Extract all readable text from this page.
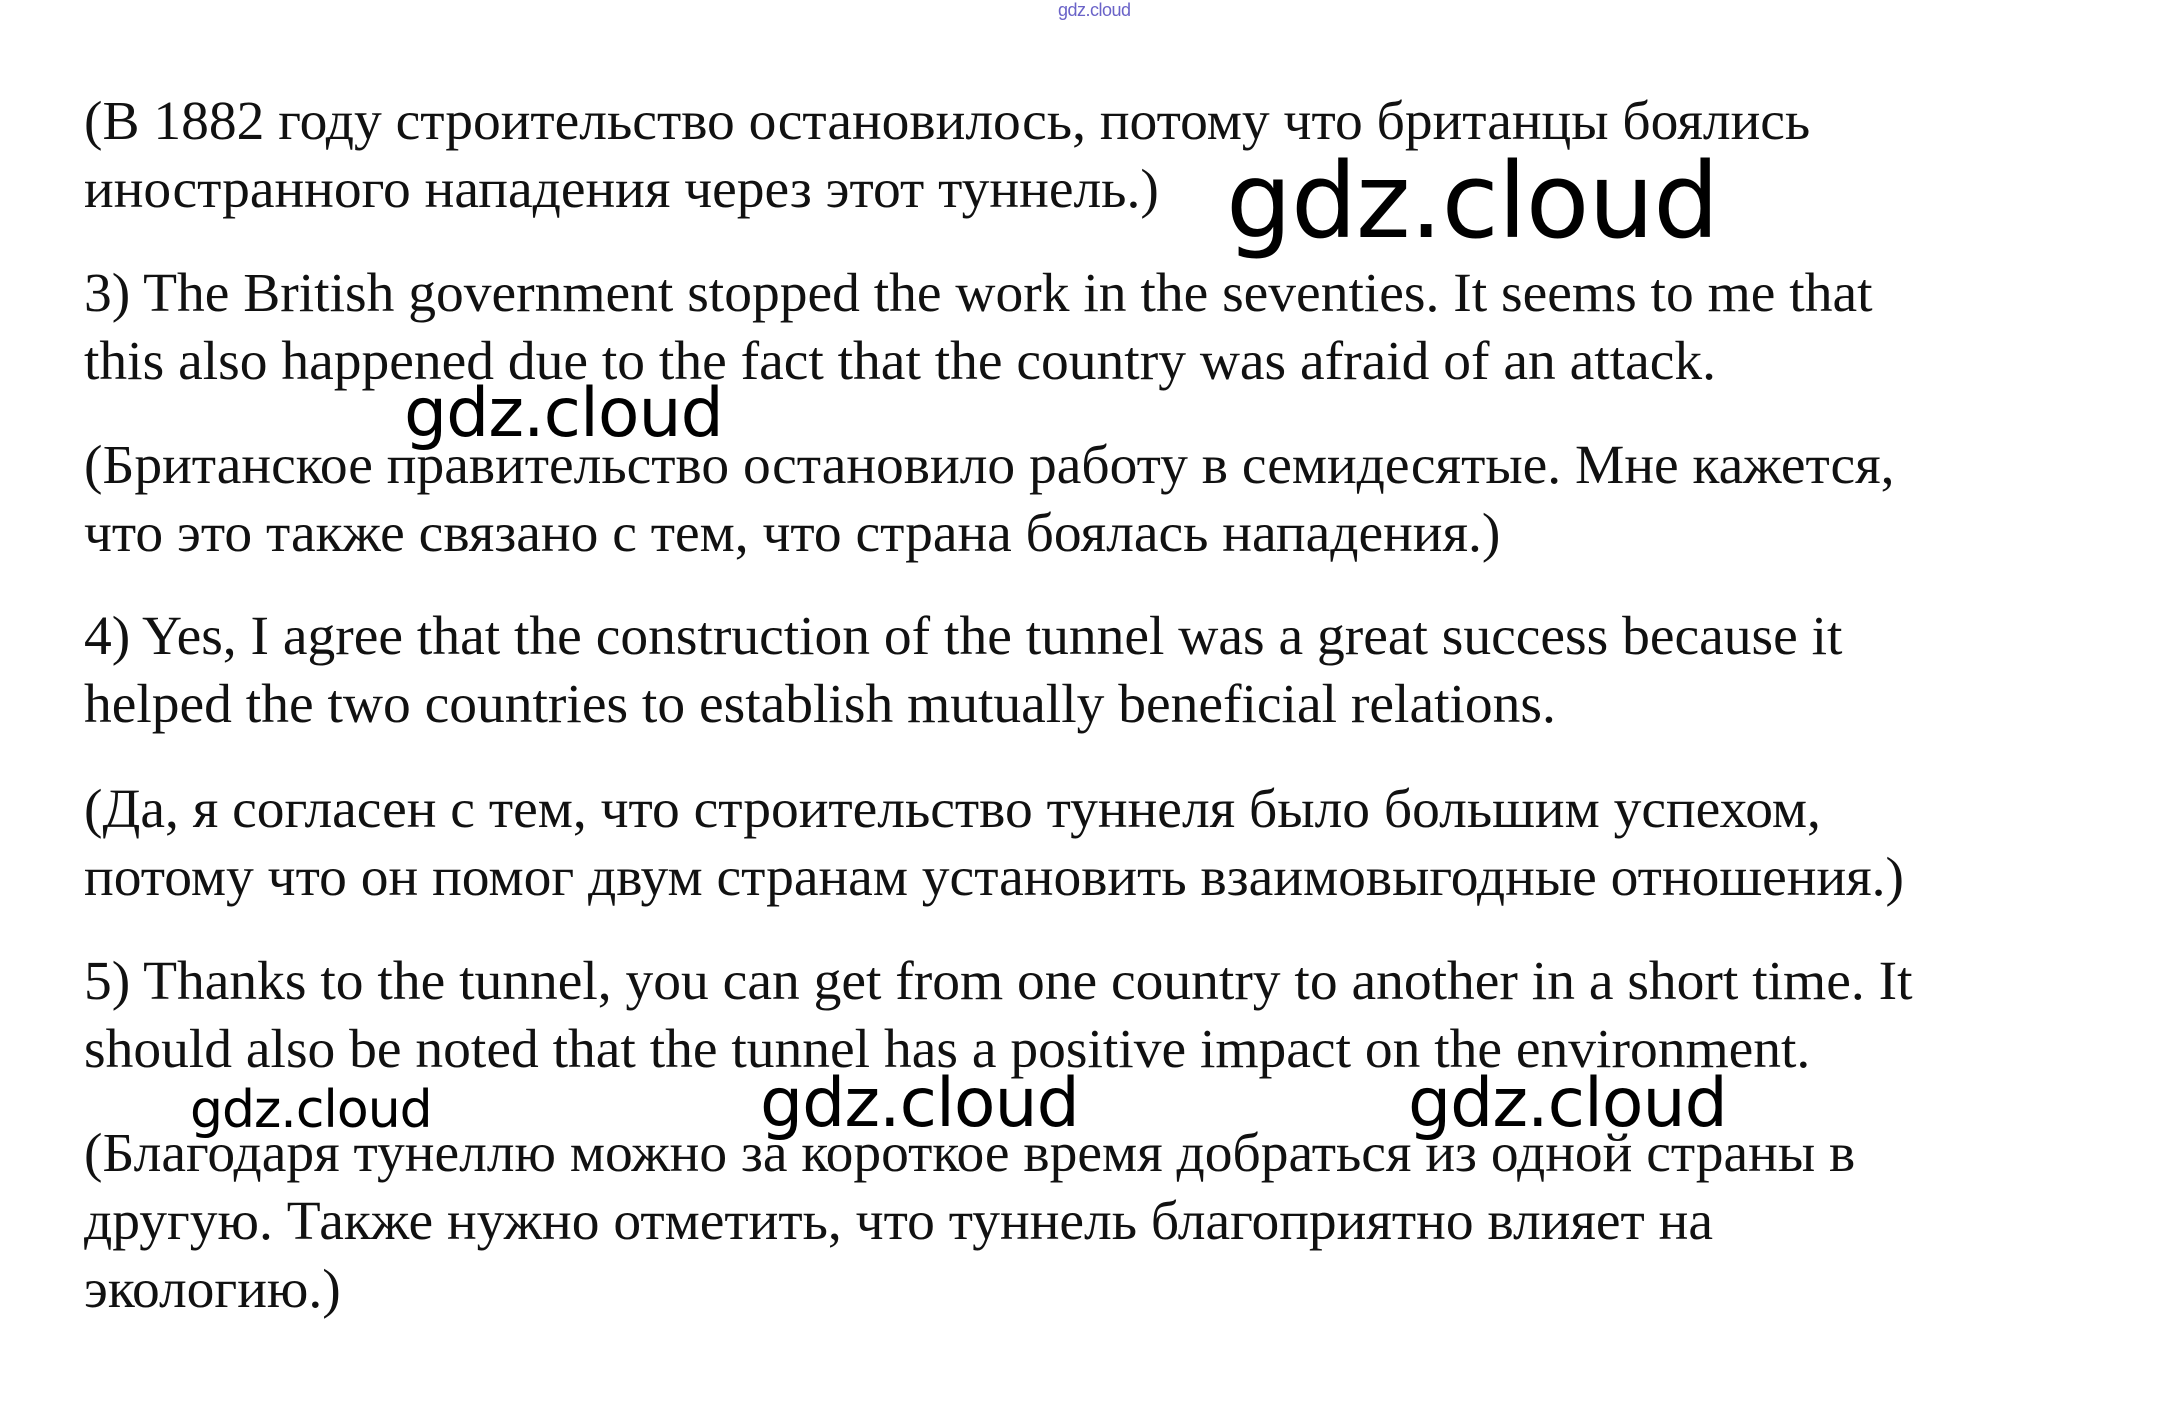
gdz.cloud
(В 1882 году строительство остановилось, потому что британцы боялись
иностранного нападения через этот туннель.)
3) The British government stopped the work in the seventies. It seems to me that
this also happened due to the fact that the country was afraid of an attack.
(Британское правительство остановило работу в семидесятые. Мне кажется,
что это также связано с тем, что страна боялась нападения.)
4) Yes, I agree that the construction of the tunnel was a great success because it
helped the two countries to establish mutually beneficial relations.
(Да, я согласен с тем, что строительство туннеля было большим успехом,
потому что он помог двум странам установить взаимовыгодные отношения.)
5) Thanks to the tunnel, you can get from one country to another in a short time. It
should also be noted that the tunnel has a positive impact on the environment.
(Благодаря тунеллю можно за короткое время добраться из одной страны в
другую. Также нужно отметить, что туннель благоприятно влияет на
экологию.)
gdz.cloud
gdz.cloud
gdz.cloud	gdz.cloud	gdz.cloud
